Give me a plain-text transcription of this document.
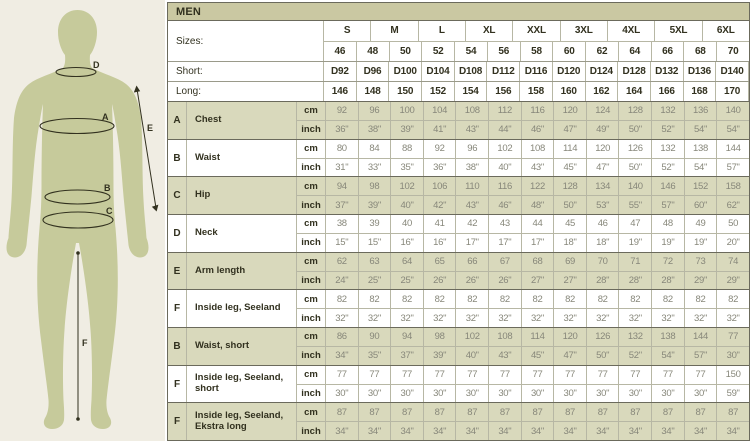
D
A
E
B
C
F
MEN
Sizes:
S	M	L	XL	XXL	3XL	4XL	5XL	6XL
46	48	50	52	54	56	58	60	62	64	66	68	70
Short:	D92	D96	D100 D104 D108 D112	D116 D120 D124 D128 D132 D136 D140
Long:	146	148	150	152	154	156	158	160	162	164	166	168	170
A	Chest
cm	92	96	100	104	108	112	116	120	124	128	132	136	140
inch	36"	38"	39"	41"	43"	44"	46"	47"	49"	50"	52"	54"	54"
B	Waist
cm	80	84	88	92	96	102	108	114	120	126	132	138	144
inch	31"	33"	35"	36"	38"	40"	43"	45"	47"	50"	52"	54"	57"
C	Hip
cm	94	98	102	106	110	116	122	128	134	140	146	152	158
inch	37"	39"	40"	42"	43"	46"	48"	50"	53"	55"	57"	60"	62"
D	Neck
cm	38	39	40	41	42	43	44	45	46	47	48	49	50
inch	15"	15"	16"	16"	17"	17"	17"	18"	18"	19"	19"	19"	20"
E	Arm length
cm	62	63	64	65	66	67	68	69	70	71	72	73	74
inch	24"	25"	25"	26"	26"	26"	27"	27"	28"	28"	28"	29"	29"
F	Inside leg, Seeland
cm	82	82	82	82	82	82	82	82	82	82	82	82	82
inch	32"	32"	32"	32"	32"	32"	32"	32"	32"	32"	32"	32"	32"
B	Waist, short
cm	86	90	94	98	102	108	114	120	126	132	138	144	77
inch	34"	35"	37"	39"	40"	43"	45"	47"	50"	52"	54"	57"	30"
F
Inside leg, Seeland, short
cm	77	77	77	77	77	77	77	77	77	77	77	77	150
inch	30"	30"	30"	30"	30"	30"	30"	30"	30"	30"	30"	30"	59"
F
Inside leg, Seeland, Ekstra long
cm	87	87	87	87	87	87	87	87	87	87	87	87	87
inch	34"	34"	34"	34"	34"	34"	34"	34"	34"	34"	34"	34"	34"
